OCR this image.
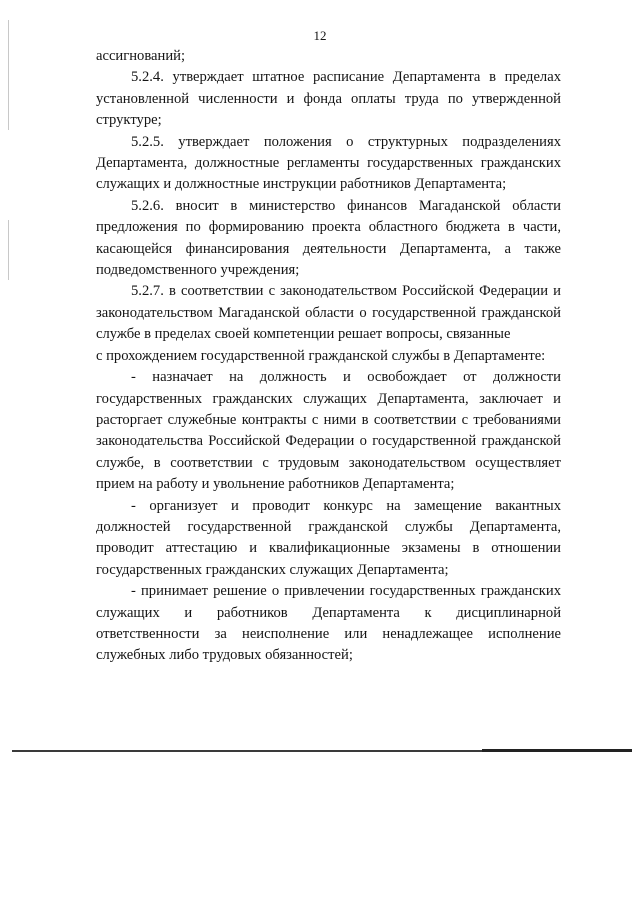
12

ассигнований;

5.2.4. утверждает штатное расписание Департамента в пределах установленной численности и фонда оплаты труда по утвержденной структуре;

5.2.5. утверждает положения о структурных подразделениях Департамента, должностные регламенты государственных гражданских служащих и должностные инструкции работников Департамента;

5.2.6. вносит в министерство финансов Магаданской области предложения по формированию проекта областного бюджета в части, касающейся финансирования деятельности Департамента, а также подведомственного учреждения;

5.2.7. в соответствии с законодательством Российской Федерации и законодательством Магаданской области о государственной гражданской службе в пределах своей компетенции решает вопросы, связанные

с прохождением государственной гражданской службы в Департаменте:

- назначает на должность и освобождает от должности государственных гражданских служащих Департамента, заключает и расторгает служебные контракты с ними в соответствии с требованиями законодательства Российской Федерации о государственной гражданской службе, в соответствии с трудовым законодательством осуществляет прием на работу и увольнение работников Департамента;

- организует и проводит конкурс на замещение вакантных должностей государственной гражданской службы Департамента, проводит аттестацию и квалификационные экзамены в отношении государственных гражданских служащих Департамента;

- принимает решение о привлечении государственных гражданских служащих и работников Департамента к дисциплинарной ответственности за неисполнение или ненадлежащее исполнение служебных либо трудовых обязанностей;
